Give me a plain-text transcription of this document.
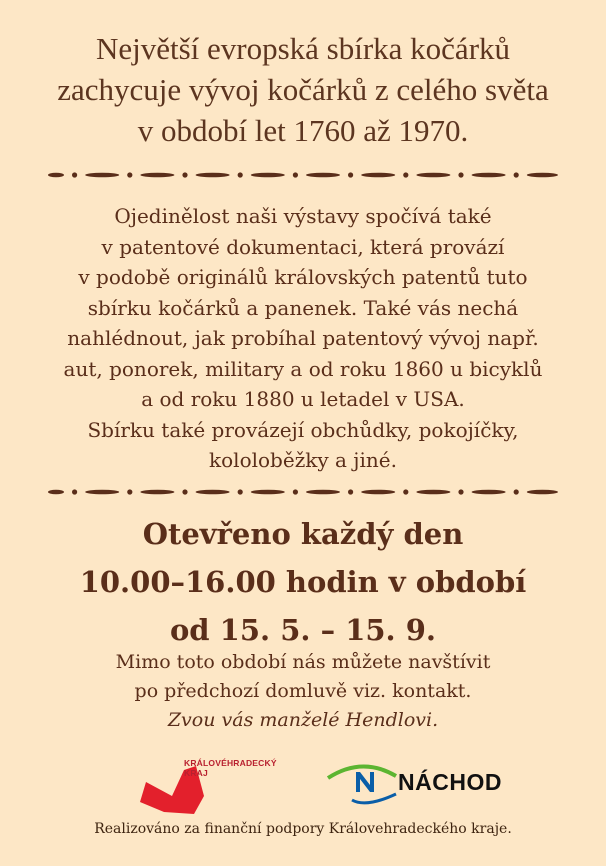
Největší evropská sbírka kočárků
zachycuje vývoj kočárků z celého světa
v období let 1760 až 1970.
Ojedinělost naši výstavy spočívá také
v patentové dokumentaci, která provází
v podobě originálů královských patentů tuto
sbírku kočárků a panenek. Také vás nechá
nahlédnout, jak probíhal patentový vývoj např.
aut, ponorek, military a od roku 1860 u bicyklů
a od roku 1880 u letadel v USA.
Sbírku také provázejí obchůdky, pokojíčky,
kololoběžky a jiné.
Otevřeno každý den
10.00–16.00 hodin v období
od 15. 5. – 15. 9.
Mimo toto období nás můžete navštívit
po předchozí domluvě viz. kontakt.
Zvou vás manželé Hendlovi.
KRÁLOVÉHRADECKÝ
KRAJ	NÁCHOD
Realizováno za finanční podpory Královehradeckého kraje.
